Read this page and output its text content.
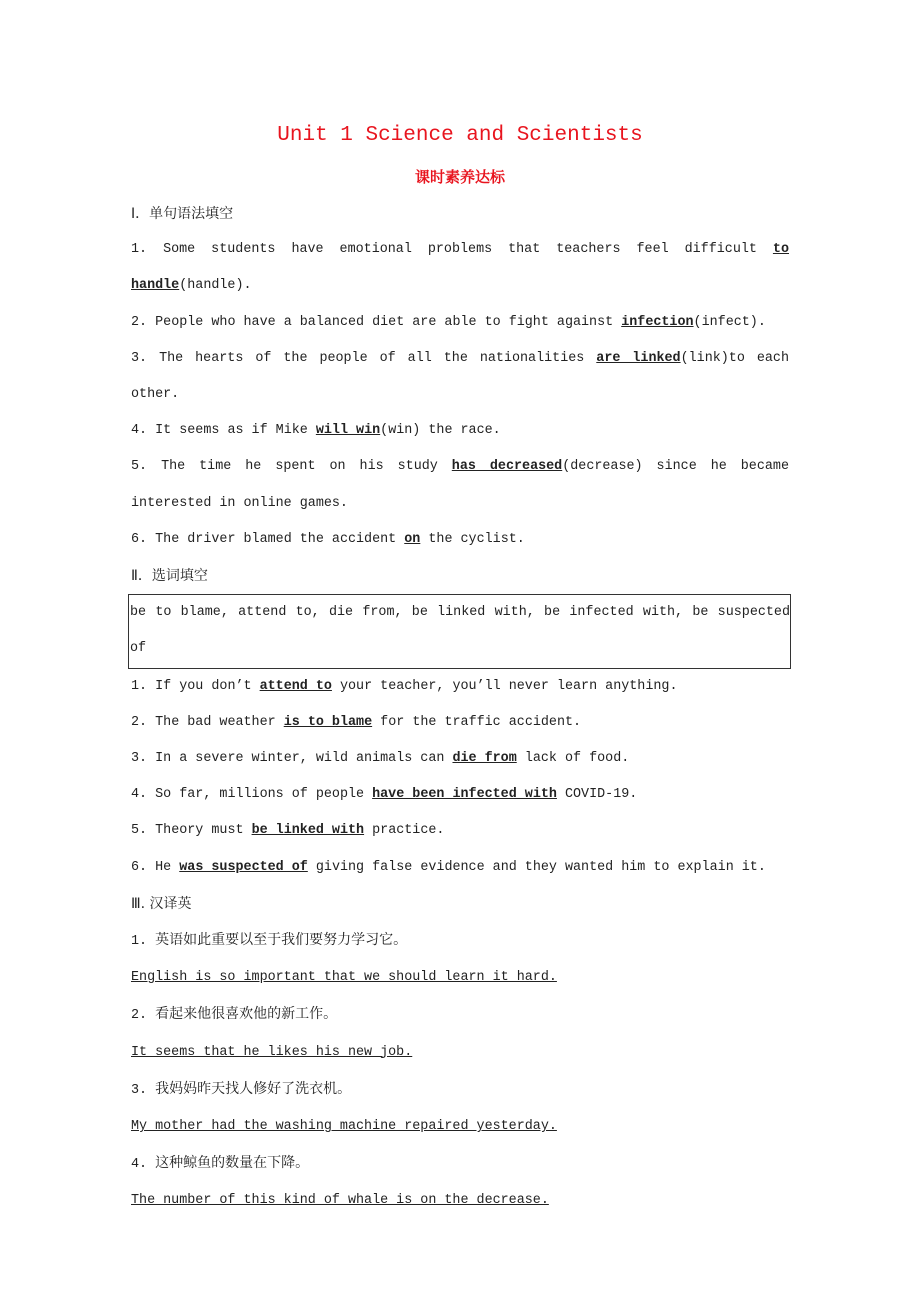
Unit 1 Science and Scientists
课时素养达标

Ⅰ．单句语法填空

1. Some students have emotional problems that teachers feel difficult to handle(handle).

2. People who have a balanced diet are able to fight against infection(infect).

3. The hearts of the people of all the nationalities are linked(link)to each other.

4. It seems as if Mike will win(win) the race.

5. The time he spent on his study has decreased(decrease) since he became interested in online games.

6. The driver blamed the accident on the cyclist.

Ⅱ．选词填空

be to blame, attend to, die from, be linked with, be infected with, be suspected of

1. If you don’t attend to your teacher, you’ll never learn anything.

2. The bad weather is to blame for the traffic accident.

3. In a severe winter, wild animals can die from lack of food.

4. So far, millions of people have been infected with COVID-19.

5. Theory must be linked with practice.

6. He was suspected of giving false evidence and they wanted him to explain it.

Ⅲ. 汉译英

1. 英语如此重要以至于我们要努力学习它。

English is so important that we should learn it hard.

2. 看起来他很喜欢他的新工作。

It seems that he likes his new job.

3. 我妈妈昨天找人修好了洗衣机。

My mother had the washing machine repaired yesterday.

4. 这种鲸鱼的数量在下降。

The number of this kind of whale is on the decrease.
